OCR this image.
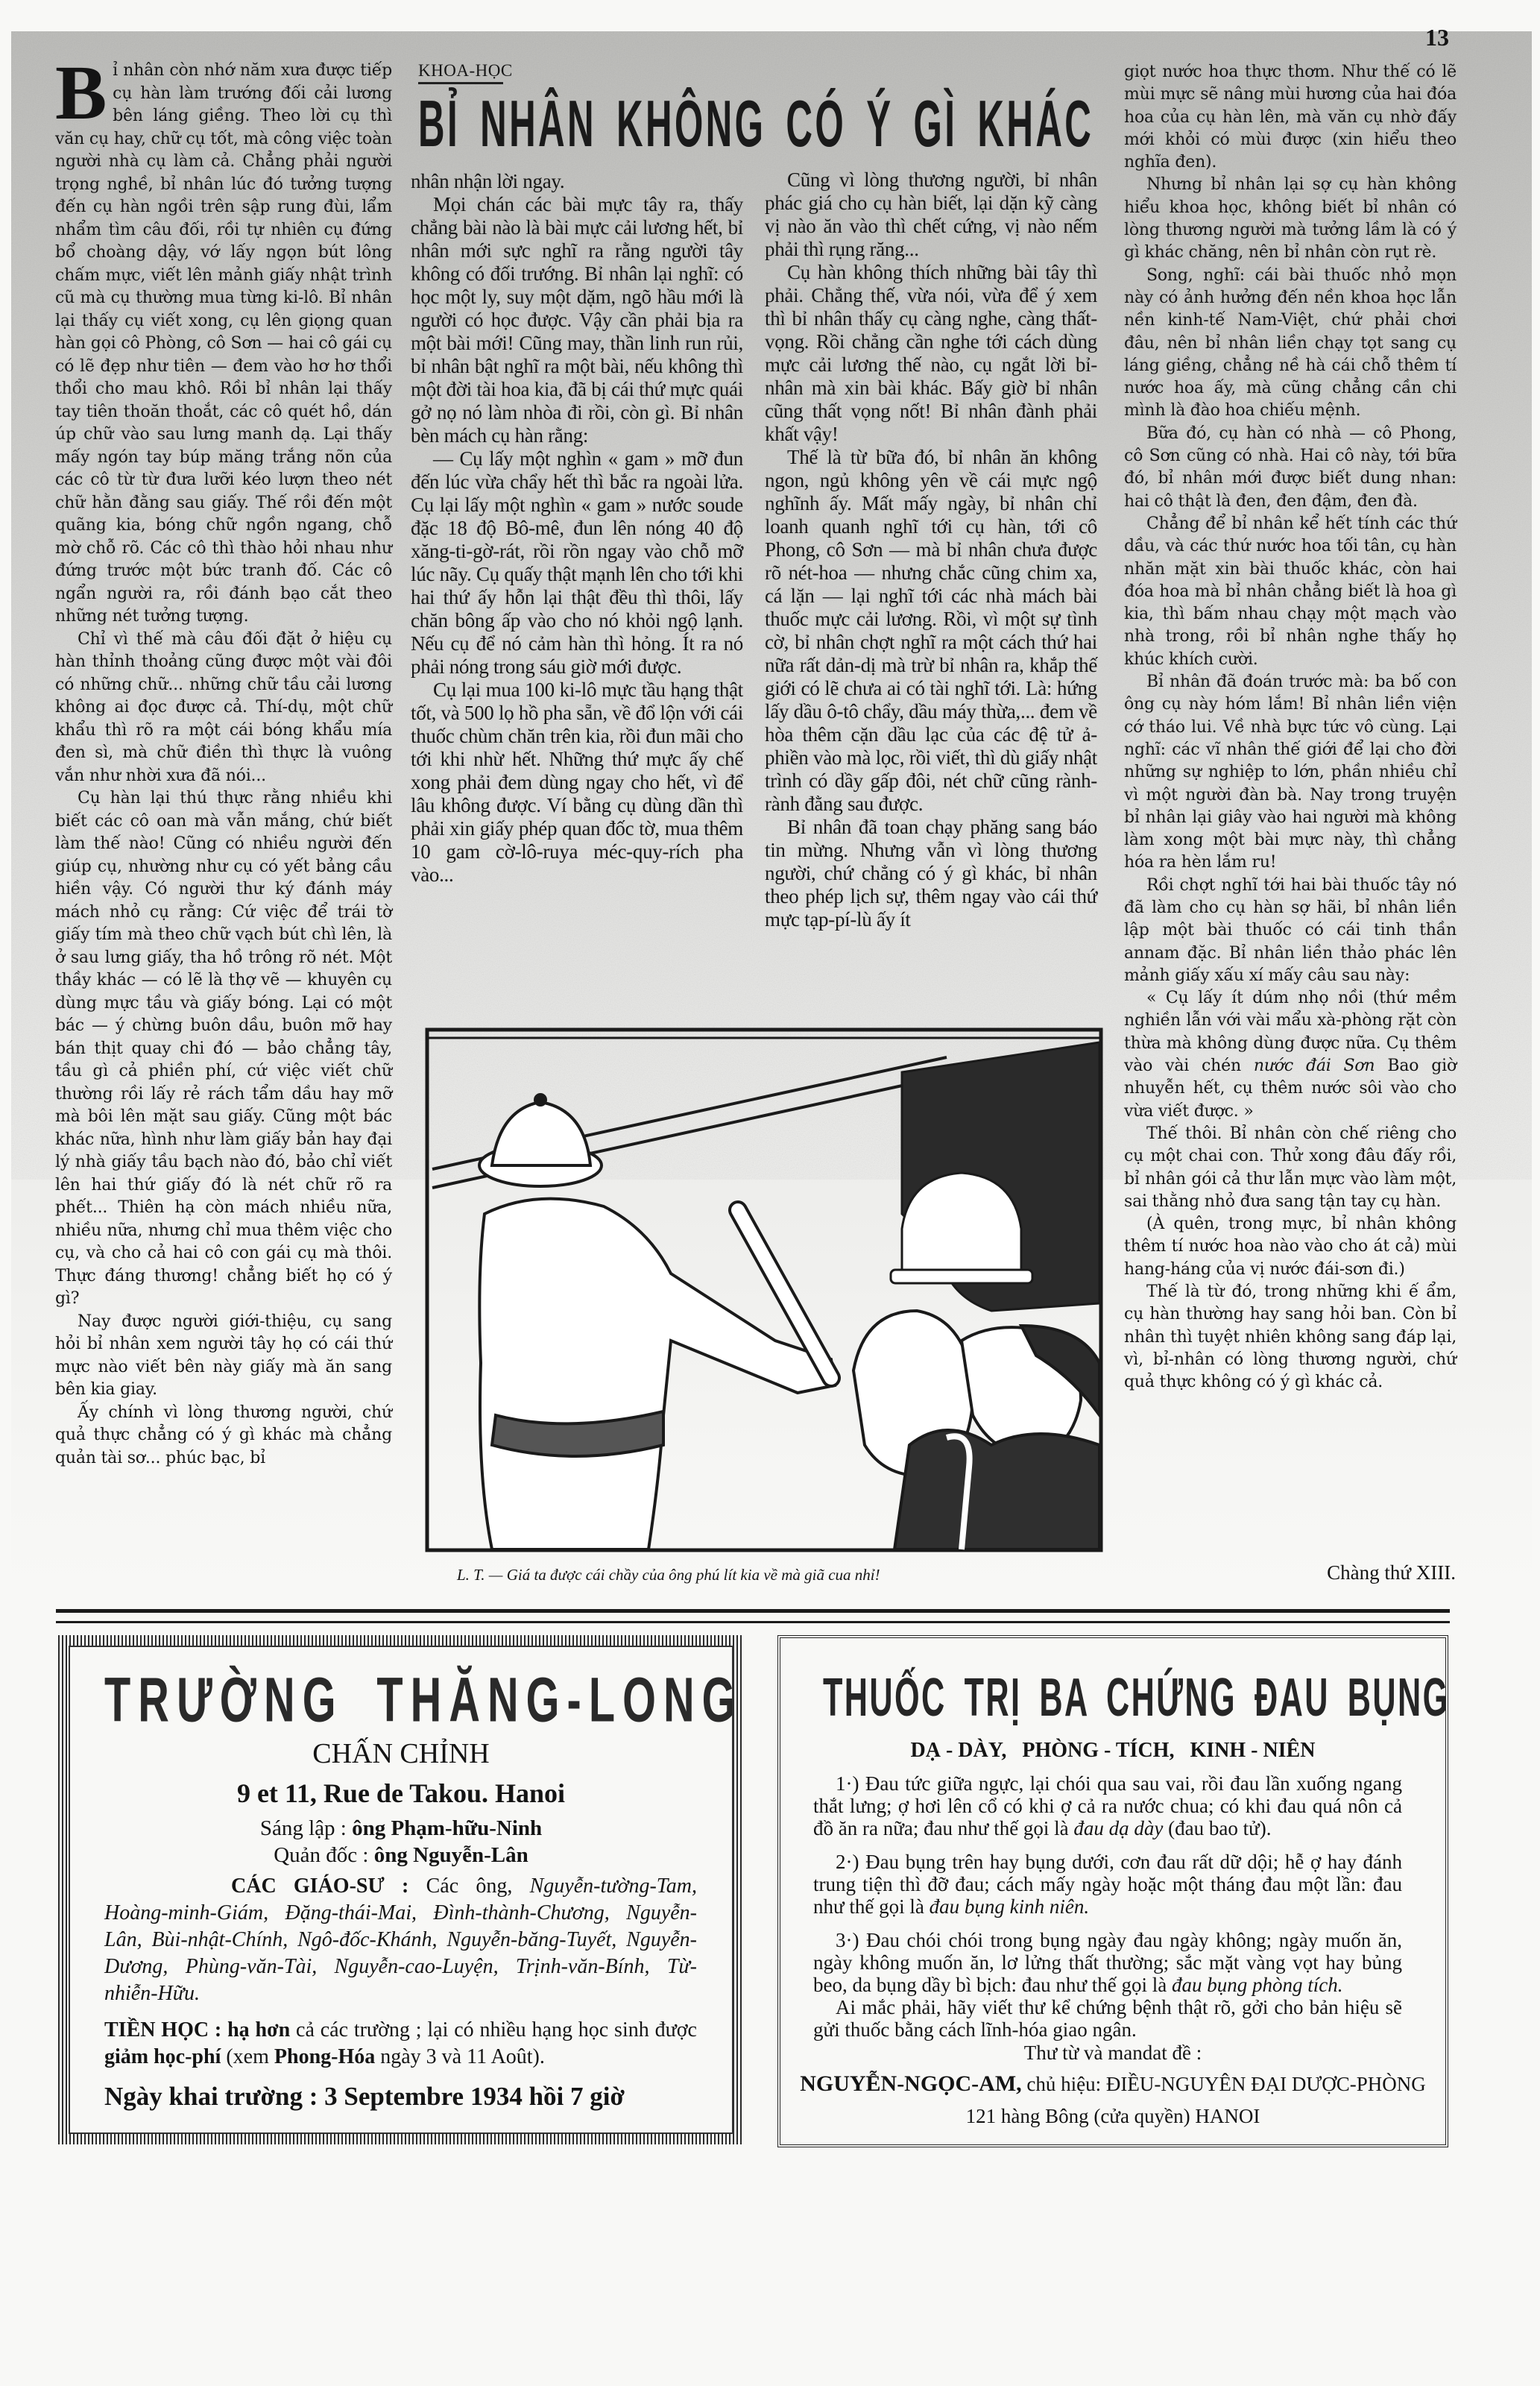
13
KHOA-HỌC
BỈ NHÂN KHÔNG CÓ Ý GÌ KHÁC

Bỉ nhân còn nhớ năm xưa được tiếp cụ hàn làm trướng đối cải lương bên láng giềng. Theo lời cụ thì văn cụ hay, chữ cụ tốt, mà công việc toàn người nhà cụ làm cả. Chẳng phải người trọng nghề, bỉ nhân lúc đó tưởng tượng đến cụ hàn ngồi trên sập rung đùi, lẩm nhẩm tìm câu đối, rồi tự nhiên cụ đứng bổ choàng dậy, vớ lấy ngọn bút lông chấm mực, viết lên mảnh giấy nhật trình cũ mà cụ thường mua từng ki-lô. Bỉ nhân lại thấy cụ viết xong, cụ lên giọng quan hàn gọi cô Phòng, cô Sơn — hai cô gái cụ có lẽ đẹp như tiên — đem vào hơ hơ thổi thổi cho mau khô. Rồi bỉ nhân lại thấy tay tiên thoăn thoắt, các cô quét hồ, dán úp chữ vào sau lưng manh dạ. Lại thấy mấy ngón tay búp măng trắng nõn của các cô từ từ đưa lưỡi kéo lượn theo nét chữ hằn đằng sau giấy. Thế rồi đến một quãng kia, bóng chữ ngồn ngang, chỗ mờ chỗ rõ. Các cô thì thào hỏi nhau như đứng trước một bức tranh đố. Các cô ngẩn người ra, rồi đánh bạo cắt theo những nét tưởng tượng.

Chỉ vì thế mà câu đối đặt ở hiệu cụ hàn thỉnh thoảng cũng được một vài đôi có những chữ... những chữ tầu cải lương không ai đọc được cả. Thí-dụ, một chữ khẩu thì rõ ra một cái bóng khẩu mía đen sì, mà chữ điền thì thực là vuông vắn như nhời xưa đã nói...

Cụ hàn lại thú thực rằng nhiều khi biết các cô oan mà vẫn mắng, chứ biết làm thế nào! Cũng có nhiều người đến giúp cụ, nhường như cụ có yết bảng cầu hiền vậy. Có người thư ký đánh máy mách nhỏ cụ rằng: Cứ việc để trái tờ giấy tím mà theo chữ vạch bút chì lên, là ở sau lưng giấy, tha hồ trông rõ nét. Một thầy khác — có lẽ là thợ vẽ — khuyên cụ dùng mực tầu và giấy bóng. Lại có một bác — ý chừng buôn dầu, buôn mỡ hay bán thịt quay chi đó — bảo chẳng tây, tầu gì cả phiền phí, cứ việc viết chữ thường rồi lấy rẻ rách tẩm dầu hay mỡ mà bôi lên mặt sau giấy. Cũng một bác khác nữa, hình như làm giấy bản hay đại lý nhà giấy tầu bạch nào đó, bảo chỉ viết lên hai thứ giấy đó là nét chữ rõ ra phết... Thiên hạ còn mách nhiều nữa, nhiều nữa, nhưng chỉ mua thêm việc cho cụ, và cho cả hai cô con gái cụ mà thôi. Thực đáng thương! chẳng biết họ có ý gì?

Nay được người giới-thiệu, cụ sang hỏi bỉ nhân xem người tây họ có cái thứ mực nào viết bên này giấy mà ăn sang bên kia giay.

Ấy chính vì lòng thương người, chứ quả thực chẳng có ý gì khác mà chẳng quản tài sơ... phúc bạc, bỉ

nhân nhận lời ngay.

Mọi chán các bài mực tây ra, thấy chẳng bài nào là bài mực cải lương hết, bỉ nhân mới sực nghĩ ra rằng người tây không có đối trướng. Bỉ nhân lại nghĩ: có học một ly, suy một dặm, ngõ hầu mới là người có học được. Vậy cần phải bịa ra một bài mới! Cũng may, thần linh run rủi, bỉ nhân bật nghĩ ra một bài, nếu không thì một đời tài hoa kia, đã bị cái thứ mực quái gở nọ nó làm nhòa đi rồi, còn gì. Bỉ nhân bèn mách cụ hàn rằng:

— Cụ lấy một nghìn « gam » mỡ đun đến lúc vừa chẩy hết thì bắc ra ngoài lửa. Cụ lại lấy một nghìn « gam » nước soude đặc 18 độ Bô-mê, đun lên nóng 40 độ xăng-ti-gờ-rát, rồi rồn ngay vào chỗ mỡ lúc nãy. Cụ quấy thật mạnh lên cho tới khi hai thứ ấy hỗn lại thật đều thì thôi, lấy chăn bông ấp vào cho nó khỏi ngộ lạnh. Nếu cụ để nó cảm hàn thì hỏng. Ít ra nó phải nóng trong sáu giờ mới được.

Cụ lại mua 100 ki-lô mực tầu hạng thật tốt, và 500 lọ hồ pha sẵn, về đổ lộn với cái thuốc chùm chăn trên kia, rồi đun mãi cho tới khi nhừ hết. Những thứ mực ấy chế xong phải đem dùng ngay cho hết, vì để lâu không được. Ví bằng cụ dùng dần thì phải xin giấy phép quan đốc tờ, mua thêm 10 gam cờ-lô-ruya méc-quy-rích pha vào...

Cũng vì lòng thương người, bỉ nhân phác giá cho cụ hàn biết, lại dặn kỹ càng vị nào ăn vào thì chết cứng, vị nào nếm phải thì rụng răng...

Cụ hàn không thích những bài tây thì phải. Chẳng thế, vừa nói, vừa để ý xem thì bỉ nhân thấy cụ càng nghe, càng thất-vọng. Rồi chẳng cần nghe tới cách dùng mực cải lương thế nào, cụ ngắt lời bỉ-nhân mà xin bài khác. Bấy giờ bỉ nhân cũng thất vọng nốt! Bỉ nhân đành phải khất vậy!

Thế là từ bữa đó, bỉ nhân ăn không ngon, ngủ không yên về cái mực ngộ nghĩnh ấy. Mất mấy ngày, bỉ nhân chỉ loanh quanh nghĩ tới cụ hàn, tới cô Phong, cô Sơn — mà bỉ nhân chưa được rõ nét-hoa — nhưng chắc cũng chim xa, cá lặn — lại nghĩ tới các nhà mách bài thuốc mực cải lương. Rồi, vì một sự tình cờ, bỉ nhân chợt nghĩ ra một cách thứ hai nữa rất dản-dị mà trừ bỉ nhân ra, khắp thế giới có lẽ chưa ai có tài nghĩ tới. Là: hứng lấy dầu ô-tô chẩy, dầu máy thừa,... đem về hòa thêm cặn dầu lạc của các đệ tử ả-phiền vào mà lọc, rồi viết, thì dù giấy nhật trình có dầy gấp đôi, nét chữ cũng rành-rành đằng sau được.

Bỉ nhân đã toan chạy phăng sang báo tin mừng. Nhưng vẫn vì lòng thương người, chứ chẳng có ý gì khác, bỉ nhân theo phép lịch sự, thêm ngay vào cái thứ mực tạp-pí-lù ấy ít

giọt nước hoa thực thơm. Như thế có lẽ mùi mực sẽ nâng mùi hương của hai đóa hoa của cụ hàn lên, mà văn cụ nhờ đấy mới khỏi có mùi được (xin hiểu theo nghĩa đen).

Nhưng bỉ nhân lại sợ cụ hàn không hiểu khoa học, không biết bỉ nhân có lòng thương người mà tưởng lầm là có ý gì khác chăng, nên bỉ nhân còn rụt rè.

Song, nghĩ: cái bài thuốc nhỏ mọn này có ảnh hưởng đến nền khoa học lẫn nền kinh-tế Nam-Việt, chứ phải chơi đâu, nên bỉ nhân liền chạy tọt sang cụ láng giềng, chẳng nề hà cái chỗ thêm tí nước hoa ấy, mà cũng chẳng cần chi mình là đào hoa chiếu mệnh.

Bữa đó, cụ hàn có nhà — cô Phong, cô Sơn cũng có nhà. Hai cô này, tới bữa đó, bỉ nhân mới được biết dung nhan: hai cô thật là đen, đen đậm, đen đà.

Chẳng để bỉ nhân kể hết tính các thứ dầu, và các thứ nước hoa tối tân, cụ hàn nhăn mặt xin bài thuốc khác, còn hai đóa hoa mà bỉ nhân chẳng biết là hoa gì kia, thì bấm nhau chạy một mạch vào nhà trong, rồi bỉ nhân nghe thấy họ khúc khích cười.

Bỉ nhân đã đoán trước mà: ba bố con ông cụ này hóm lắm! Bỉ nhân liền viện cớ tháo lui. Về nhà bực tức vô cùng. Lại nghĩ: các vĩ nhân thế giới để lại cho đời những sự nghiệp to lớn, phần nhiều chỉ vì một người đàn bà. Nay trong truyện bỉ nhân lại giây vào hai người mà không làm xong một bài mực này, thì chẳng hóa ra hèn lắm ru!

Rồi chợt nghĩ tới hai bài thuốc tây nó đã làm cho cụ hàn sợ hãi, bỉ nhân liền lập một bài thuốc có cái tinh thần annam đặc. Bỉ nhân liền thảo phác lên mảnh giấy xấu xí mấy câu sau này:

« Cụ lấy ít dúm nhọ nồi (thứ mềm nghiền lẫn với vài mẩu xà-phòng rặt còn thừa mà không dùng được nữa. Cụ thêm vào vài chén nước đái Sơn Bao giờ nhuyễn hết, cụ thêm nước sôi vào cho vừa viết được. »

Thế thôi. Bỉ nhân còn chế riêng cho cụ một chai con. Thử xong đâu đấy rồi, bỉ nhân gói cả thư lẫn mực vào làm một, sai thằng nhỏ đưa sang tận tay cụ hàn.

(À quên, trong mực, bỉ nhân không thêm tí nước hoa nào vào cho át cả) mùi hang-háng của vị nước đái-sơn đi.)

Thế là từ đó, trong những khi ế ẩm, cụ hàn thường hay sang hỏi ban. Còn bỉ nhân thì tuyệt nhiên không sang đáp lại, vì, bỉ-nhân có lòng thương người, chứ quả thực không có ý gì khác cả.

L. T. — Giá ta được cái chầy của ông phú lít kia về mà giã cua nhỉ!	Chàng thứ XIII.
TRƯỜNG THĂNG-LONG
CHẤN CHỈNH
9 et 11, Rue de Takou. Hanoi
Sáng lập : ông Phạm-hữu-Ninh
Quản đốc : ông Nguyễn-Lân
CÁC GIÁO-SƯ : Các ông, Nguyễn-tường-Tam, Hoàng-minh-Giám, Đặng-thái-Mai, Đình-thành-Chương, Nguyễn-Lân, Bùi-nhật-Chính, Ngô-đốc-Khánh, Nguyễn-băng-Tuyết, Nguyễn-Dương, Phùng-văn-Tài, Nguyễn-cao-Luyện, Trịnh-văn-Bính, Từ-nhiễn-Hữu.
TIỀN HỌC : hạ hơn cả các trường ; lại có nhiều hạng học sinh được giảm học-phí (xem Phong-Hóa ngày 3 và 11 Août).
Ngày khai trường : 3 Septembre 1934 hồi 7 giờ
THUỐC TRỊ BA CHỨNG ĐAU BỤNG
DẠ - DÀY,   PHÒNG - TÍCH,   KINH - NIÊN

1·) Đau tức giữa ngực, lại chói qua sau vai, rồi đau lần xuống ngang thắt lưng; ợ hơi lên cổ có khi ợ cả ra nước chua; có khi đau quá nôn cả đồ ăn ra nữa; đau như thế gọi là đau dạ dày (đau bao tử).

2·) Đau bụng trên hay bụng dưới, cơn đau rất dữ dội; hễ ợ hay đánh trung tiện thì đỡ đau; cách mấy ngày hoặc một tháng đau một lần: đau như thế gọi là đau bụng kinh niên.

3·) Đau chói chói trong bụng ngày đau ngày không; ngày muốn ăn, ngày không muốn ăn, lơ lửng thất thường; sắc mặt vàng vọt hay bủng beo, da bụng dầy bì bịch: đau như thế gọi là đau bụng phòng tích.

Ai mắc phải, hãy viết thư kể chứng bệnh thật rõ, gởi cho bản hiệu sẽ gửi thuốc bằng cách lĩnh-hóa giao ngân.

Thư từ và mandat đề :
NGUYỄN-NGỌC-AM, chủ hiệu: ĐIỀU-NGUYÊN ĐẠI DƯỢC-PHÒNG
121 hàng Bông (cửa quyền) HANOI
